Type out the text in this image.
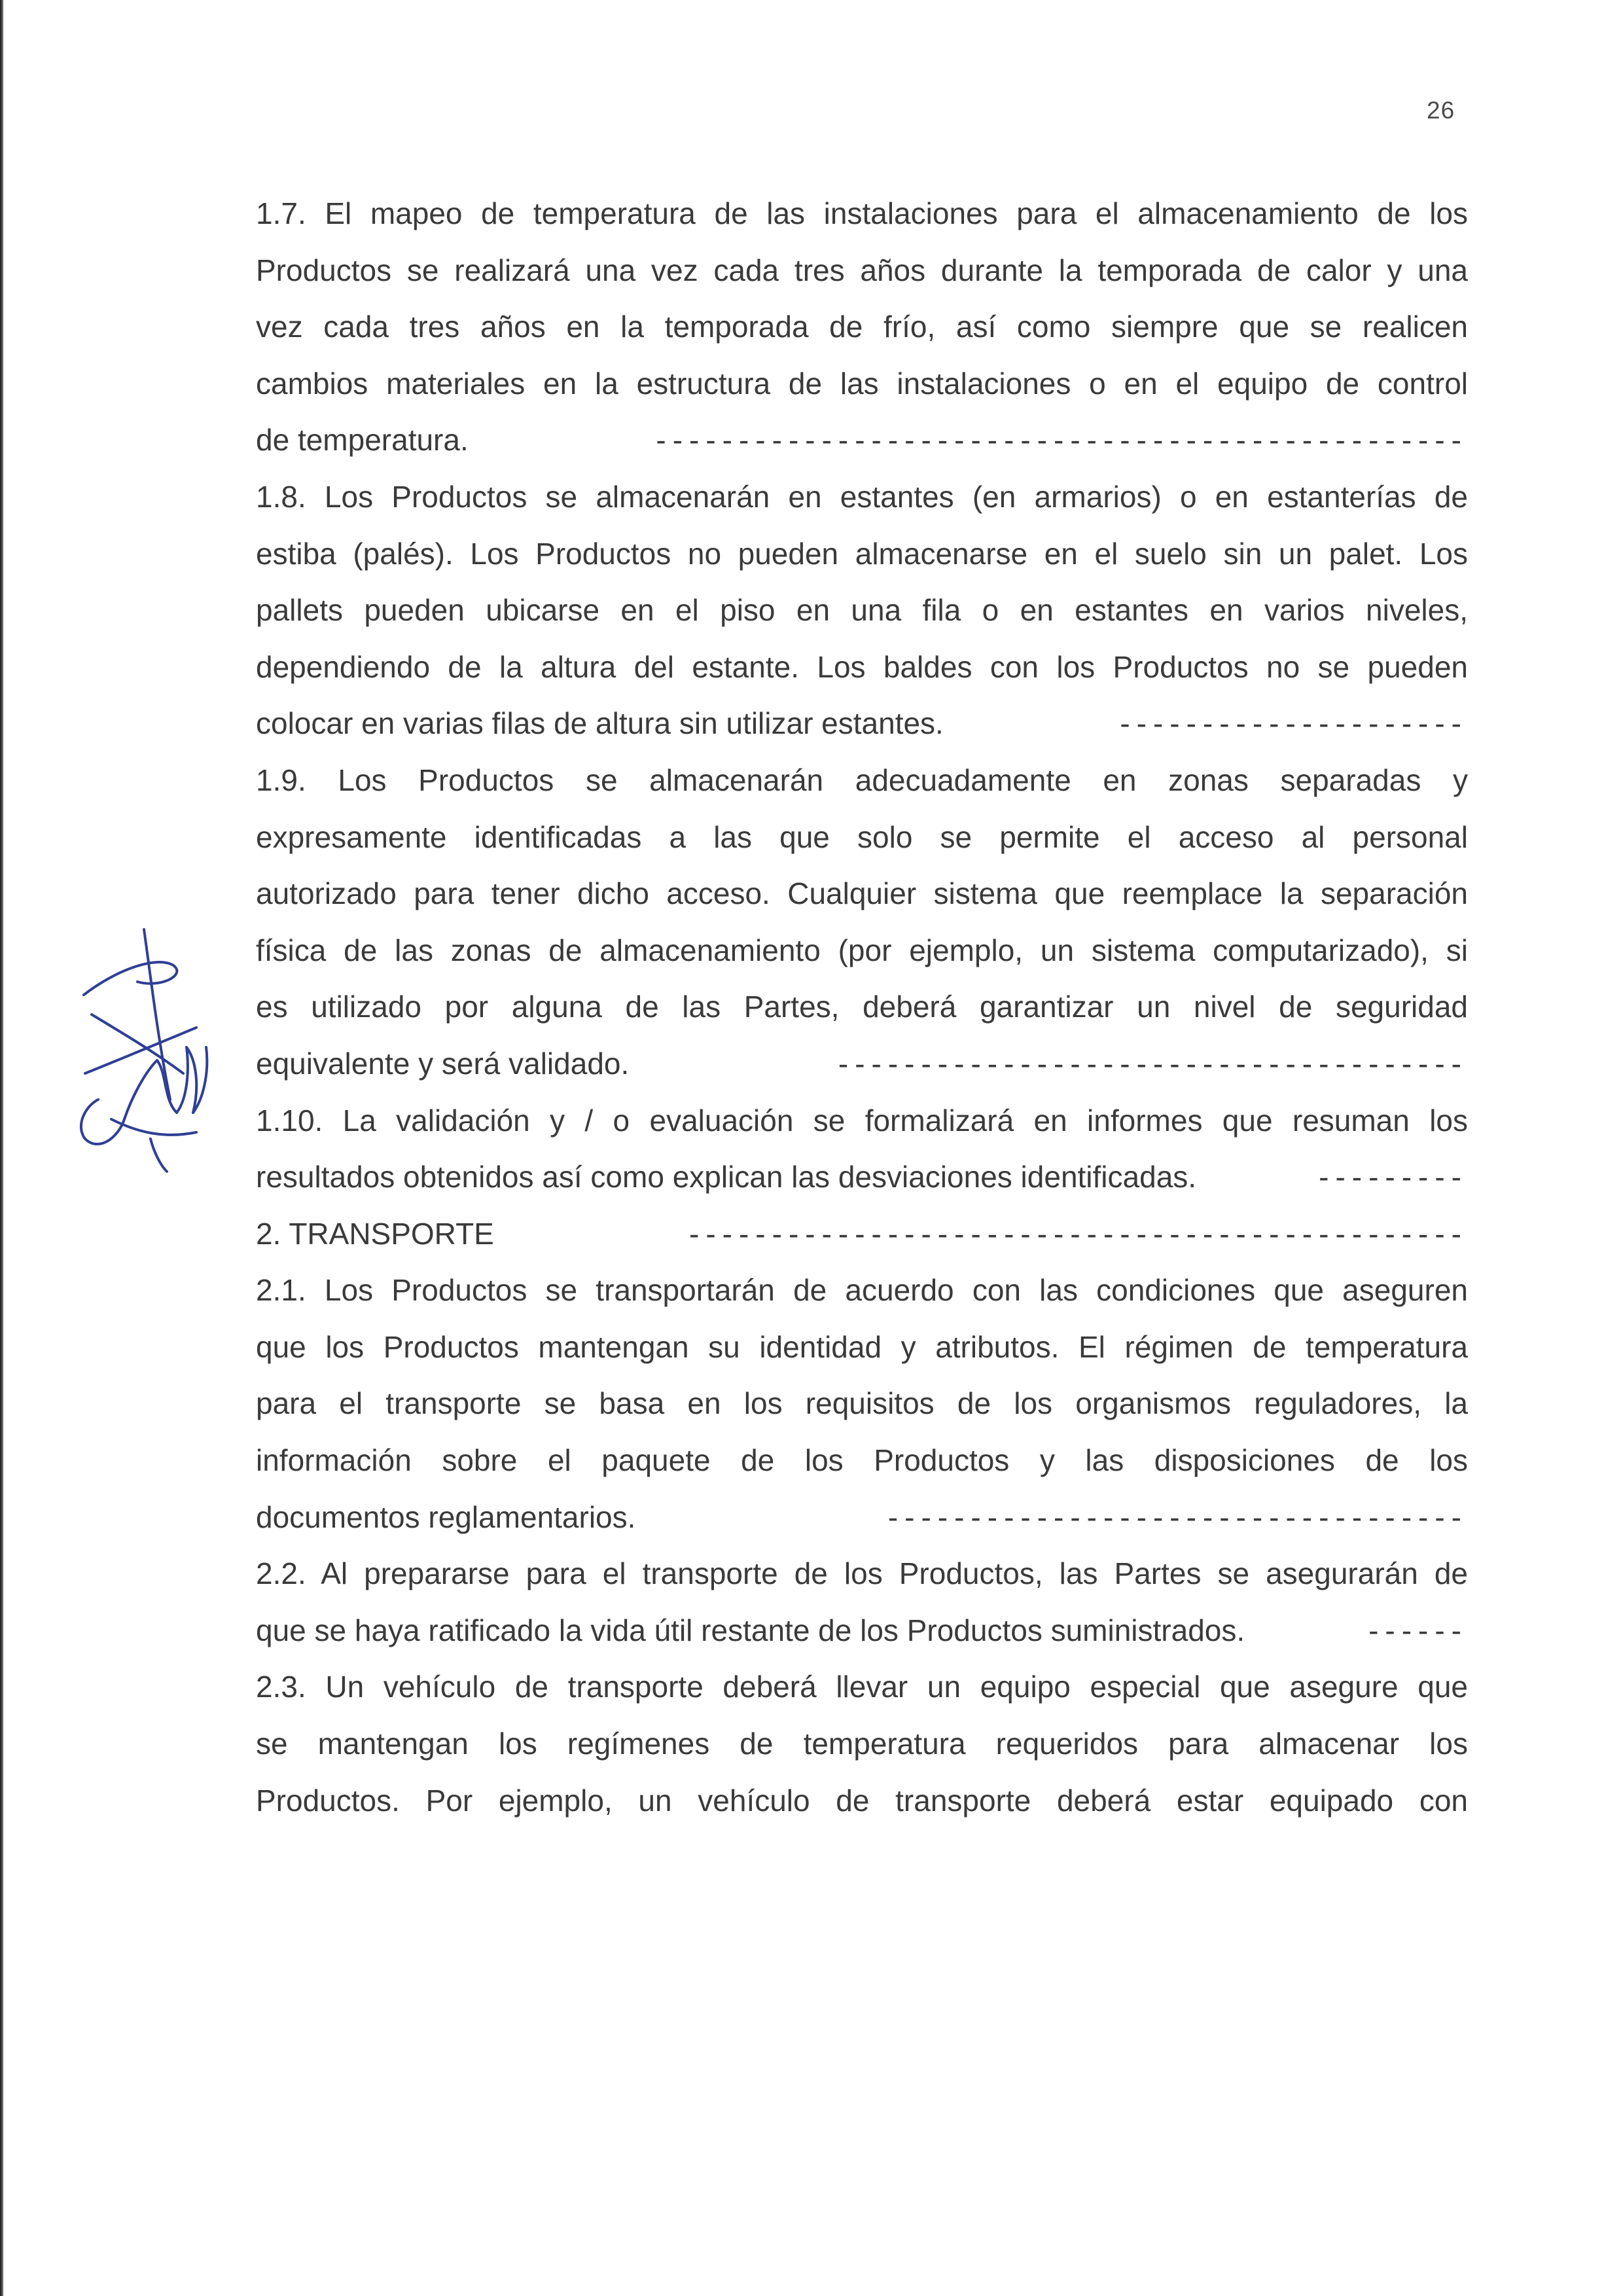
26
1.7. El mapeo de temperatura de las instalaciones para el almacenamiento de los
Productos se realizará una vez cada tres años durante la temporada de calor y una
vez cada tres años en la temporada de frío, así como siempre que se realicen
cambios materiales en la estructura de las instalaciones o en el equipo de control
de temperatura.	-------------------------------------------------
1.8. Los Productos se almacenarán en estantes (en armarios) o en estanterías de
estiba (palés). Los Productos no pueden almacenarse en el suelo sin un palet. Los
pallets pueden ubicarse en el piso en una fila o en estantes en varios niveles,
dependiendo de la altura del estante. Los baldes con los Productos no se pueden
colocar en varias filas de altura sin utilizar estantes.	---------------------
1.9. Los Productos se almacenarán adecuadamente en zonas separadas y
expresamente identificadas a las que solo se permite el acceso al personal
autorizado para tener dicho acceso. Cualquier sistema que reemplace la separación
física de las zonas de almacenamiento (por ejemplo, un sistema computarizado), si
es utilizado por alguna de las Partes, deberá garantizar un nivel de seguridad
equivalente y será validado.	--------------------------------------
1.10. La validación y / o evaluación se formalizará en informes que resuman los
resultados obtenidos así como explican las desviaciones identificadas.	---------
2. TRANSPORTE	-----------------------------------------------
2.1. Los Productos se transportarán de acuerdo con las condiciones que aseguren
que los Productos mantengan su identidad y atributos. El régimen de temperatura
para el transporte se basa en los requisitos de los organismos reguladores, la
información sobre el paquete de los Productos y las disposiciones de los
documentos reglamentarios.	-----------------------------------
2.2. Al prepararse para el transporte de los Productos, las Partes se asegurarán de
que se haya ratificado la vida útil restante de los Productos suministrados.	------
2.3. Un vehículo de transporte deberá llevar un equipo especial que asegure que
se mantengan los regímenes de temperatura requeridos para almacenar los
Productos. Por ejemplo, un vehículo de transporte deberá estar equipado con
